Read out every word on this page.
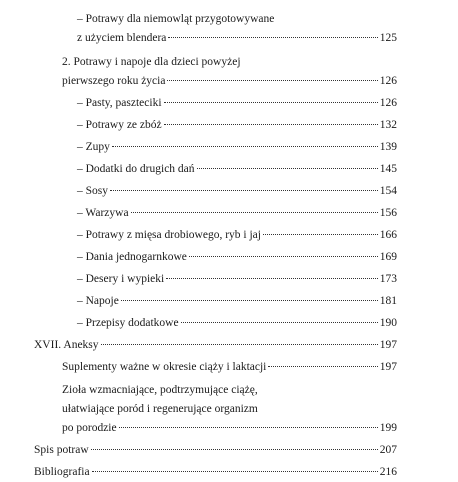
– Potrawy dla niemowląt przygotowywane
z użyciem blendera	125
2. Potrawy i napoje dla dzieci powyżej
pierwszego roku życia	126
– Pasty, paszteciki	126
– Potrawy ze zbóż	132
– Zupy	139
– Dodatki do drugich dań	145
– Sosy	154
– Warzywa	156
– Potrawy z mięsa drobiowego, ryb i jaj	166
– Dania jednogarnkowe	169
– Desery i wypieki	173
– Napoje	181
– Przepisy dodatkowe	190
XVII. Aneksy	197
Suplementy ważne w okresie ciąży i laktacji	197
Zioła wzmacniające, podtrzymujące ciążę,
ułatwiające poród i regenerujące organizm
po porodzie	199
Spis potraw	207
Bibliografia	216
